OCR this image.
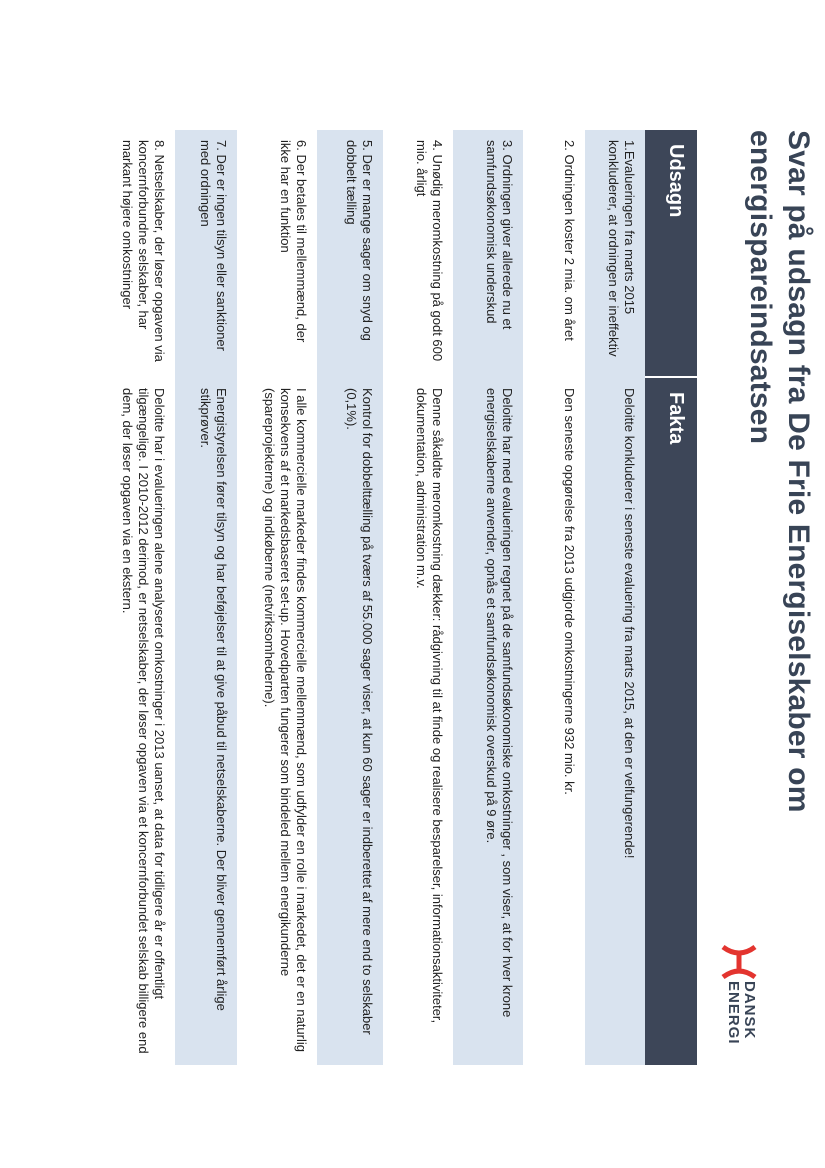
Svar på udsagn fra De Frie Energiselskaber om energispareindsatsen
DANSK
ENERGI
Udsagn
Fakta
1.Evalueringen fra marts 2015 konkluderer, at ordningen er ineffektiv
Deloitte konkluderer i seneste evaluering fra marts 2015, at den er velfungerende!
2. Ordningen koster 2 mia. om året
Den seneste opgørelse fra 2013 udgjorde omkostningerne 932 mio. kr.
3. Ordningen giver allerede nu et samfundsøkonomisk underskud
Deloitte har med evalueringen regnet på de samfundsøkonomiske omkostninger , som viser, at for hver krone energiselskaberne anvender, opnås et samfundsøkonomisk overskud på 9 øre.
4. Unødig meromkostning på godt 600 mio. årligt
Denne såkaldte meromkostning dækker: rådgivning til at finde og realisere besparelser, informationsaktiviteter, dokumentation, administration m.v.
5. Der er mange sager om snyd og dobbelt tælling
Kontrol for dobbelttælling på tværs af 55.000 sager viser, at kun 60 sager er indberettet af mere end to selskaber (0,1%).
6. Der betales til mellemmænd, der ikke har en funktion
I alle kommercielle markeder findes kommercielle mellemmænd, som udfylder en rolle i markedet, det er en naturlig konsekvens af et markedsbaseret set-up. Hovedparten fungerer som bindeled mellem energikunderne (spareprojekterne) og indkøberne (netvirksomhederne).
7. Der er ingen tilsyn eller sanktioner med ordningen
Energistyrelsen fører tilsyn og har beføjelser til at give påbud til netselskaberne. Der bliver gennemført årlige stikprøver.
8. Netselskaber, der løser opgaven via koncernforbundne selskaber, har markant højere omkostninger
Deloitte har i evalueringen alene analyseret omkostninger i 2013 uanset, at data for tidligere år er offentligt tilgængelige. I 2010-2012 derimod, er netselskaber, der løser opgaven via et koncernforbundet selskab billigere end dem, der løser opgaven via en ekstern.
